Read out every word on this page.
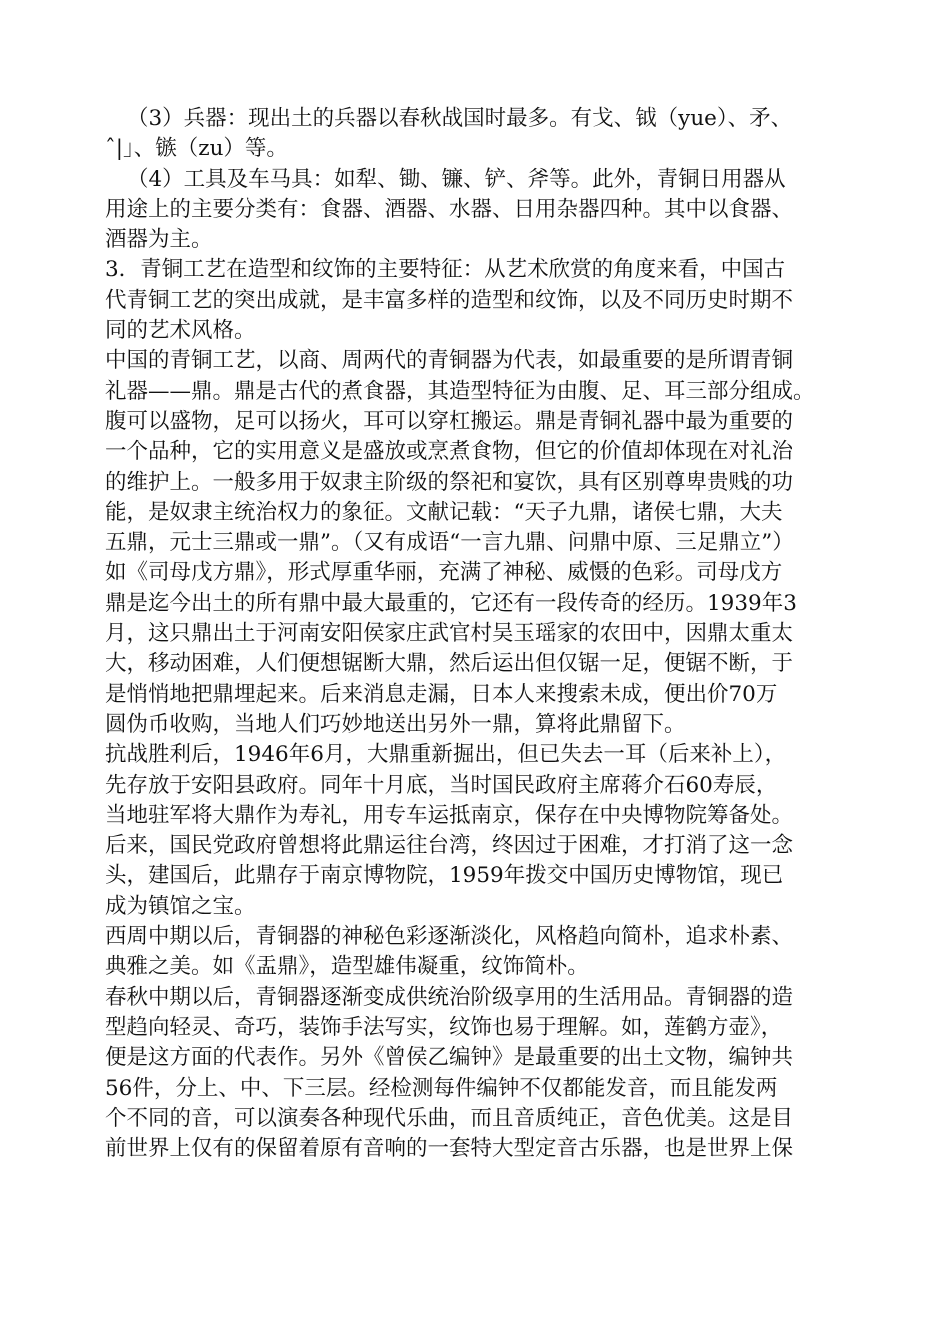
（3）兵器：现出土的兵器以春秋战国时最多。有戈、钺（yue）、矛、
ˆ|」、镞（zu）等。
（4）工具及车马具：如犁、锄、镰、铲、斧等。此外，青铜日用器从
用途上的主要分类有：食器、酒器、水器、日用杂器四种。其中以食器、
酒器为主。
3．青铜工艺在造型和纹饰的主要特征：从艺术欣赏的角度来看，中国古
代青铜工艺的突出成就，是丰富多样的造型和纹饰，以及不同历史时期不
同的艺术风格。
中国的青铜工艺，以商、周两代的青铜器为代表，如最重要的是所谓青铜
礼器——鼎。鼎是古代的煮食器，其造型特征为由腹、足、耳三部分组成。
腹可以盛物，足可以扬火，耳可以穿杠搬运。鼎是青铜礼器中最为重要的
一个品种，它的实用意义是盛放或烹煮食物，但它的价值却体现在对礼治
的维护上。一般多用于奴隶主阶级的祭祀和宴饮，具有区别尊卑贵贱的功
能，是奴隶主统治权力的象征。文献记载：“天子九鼎，诸侯七鼎，大夫
五鼎，元士三鼎或一鼎”。（又有成语“一言九鼎、问鼎中原、三足鼎立”）
如《司母戊方鼎》，形式厚重华丽，充满了神秘、威慑的色彩。司母戊方
鼎是迄今出土的所有鼎中最大最重的，它还有一段传奇的经历。1939年3
月，这只鼎出土于河南安阳侯家庄武官村吴玉瑶家的农田中，因鼎太重太
大，移动困难，人们便想锯断大鼎，然后运出但仅锯一足，便锯不断，于
是悄悄地把鼎埋起来。后来消息走漏，日本人来搜索未成，便出价70万
圆伪币收购，当地人们巧妙地送出另外一鼎，算将此鼎留下。
抗战胜利后，1946年6月，大鼎重新掘出，但已失去一耳（后来补上），
先存放于安阳县政府。同年十月底，当时国民政府主席蒋介石60寿辰，
当地驻军将大鼎作为寿礼，用专车运抵南京，保存在中央博物院筹备处。
后来，国民党政府曾想将此鼎运往台湾，终因过于困难，才打消了这一念
头，建国后，此鼎存于南京博物院，1959年拨交中国历史博物馆，现已
成为镇馆之宝。
西周中期以后，青铜器的神秘色彩逐渐淡化，风格趋向简朴，追求朴素、
典雅之美。如《盂鼎》，造型雄伟凝重，纹饰简朴。
春秋中期以后，青铜器逐渐变成供统治阶级享用的生活用品。青铜器的造
型趋向轻灵、奇巧，装饰手法写实，纹饰也易于理解。如，莲鹤方壶》，
便是这方面的代表作。另外《曾侯乙编钟》是最重要的出土文物，编钟共
56件，分上、中、下三层。经检测每件编钟不仅都能发音，而且能发两
个不同的音，可以演奏各种现代乐曲，而且音质纯正，音色优美。这是目
前世界上仅有的保留着原有音响的一套特大型定音古乐器，也是世界上保
